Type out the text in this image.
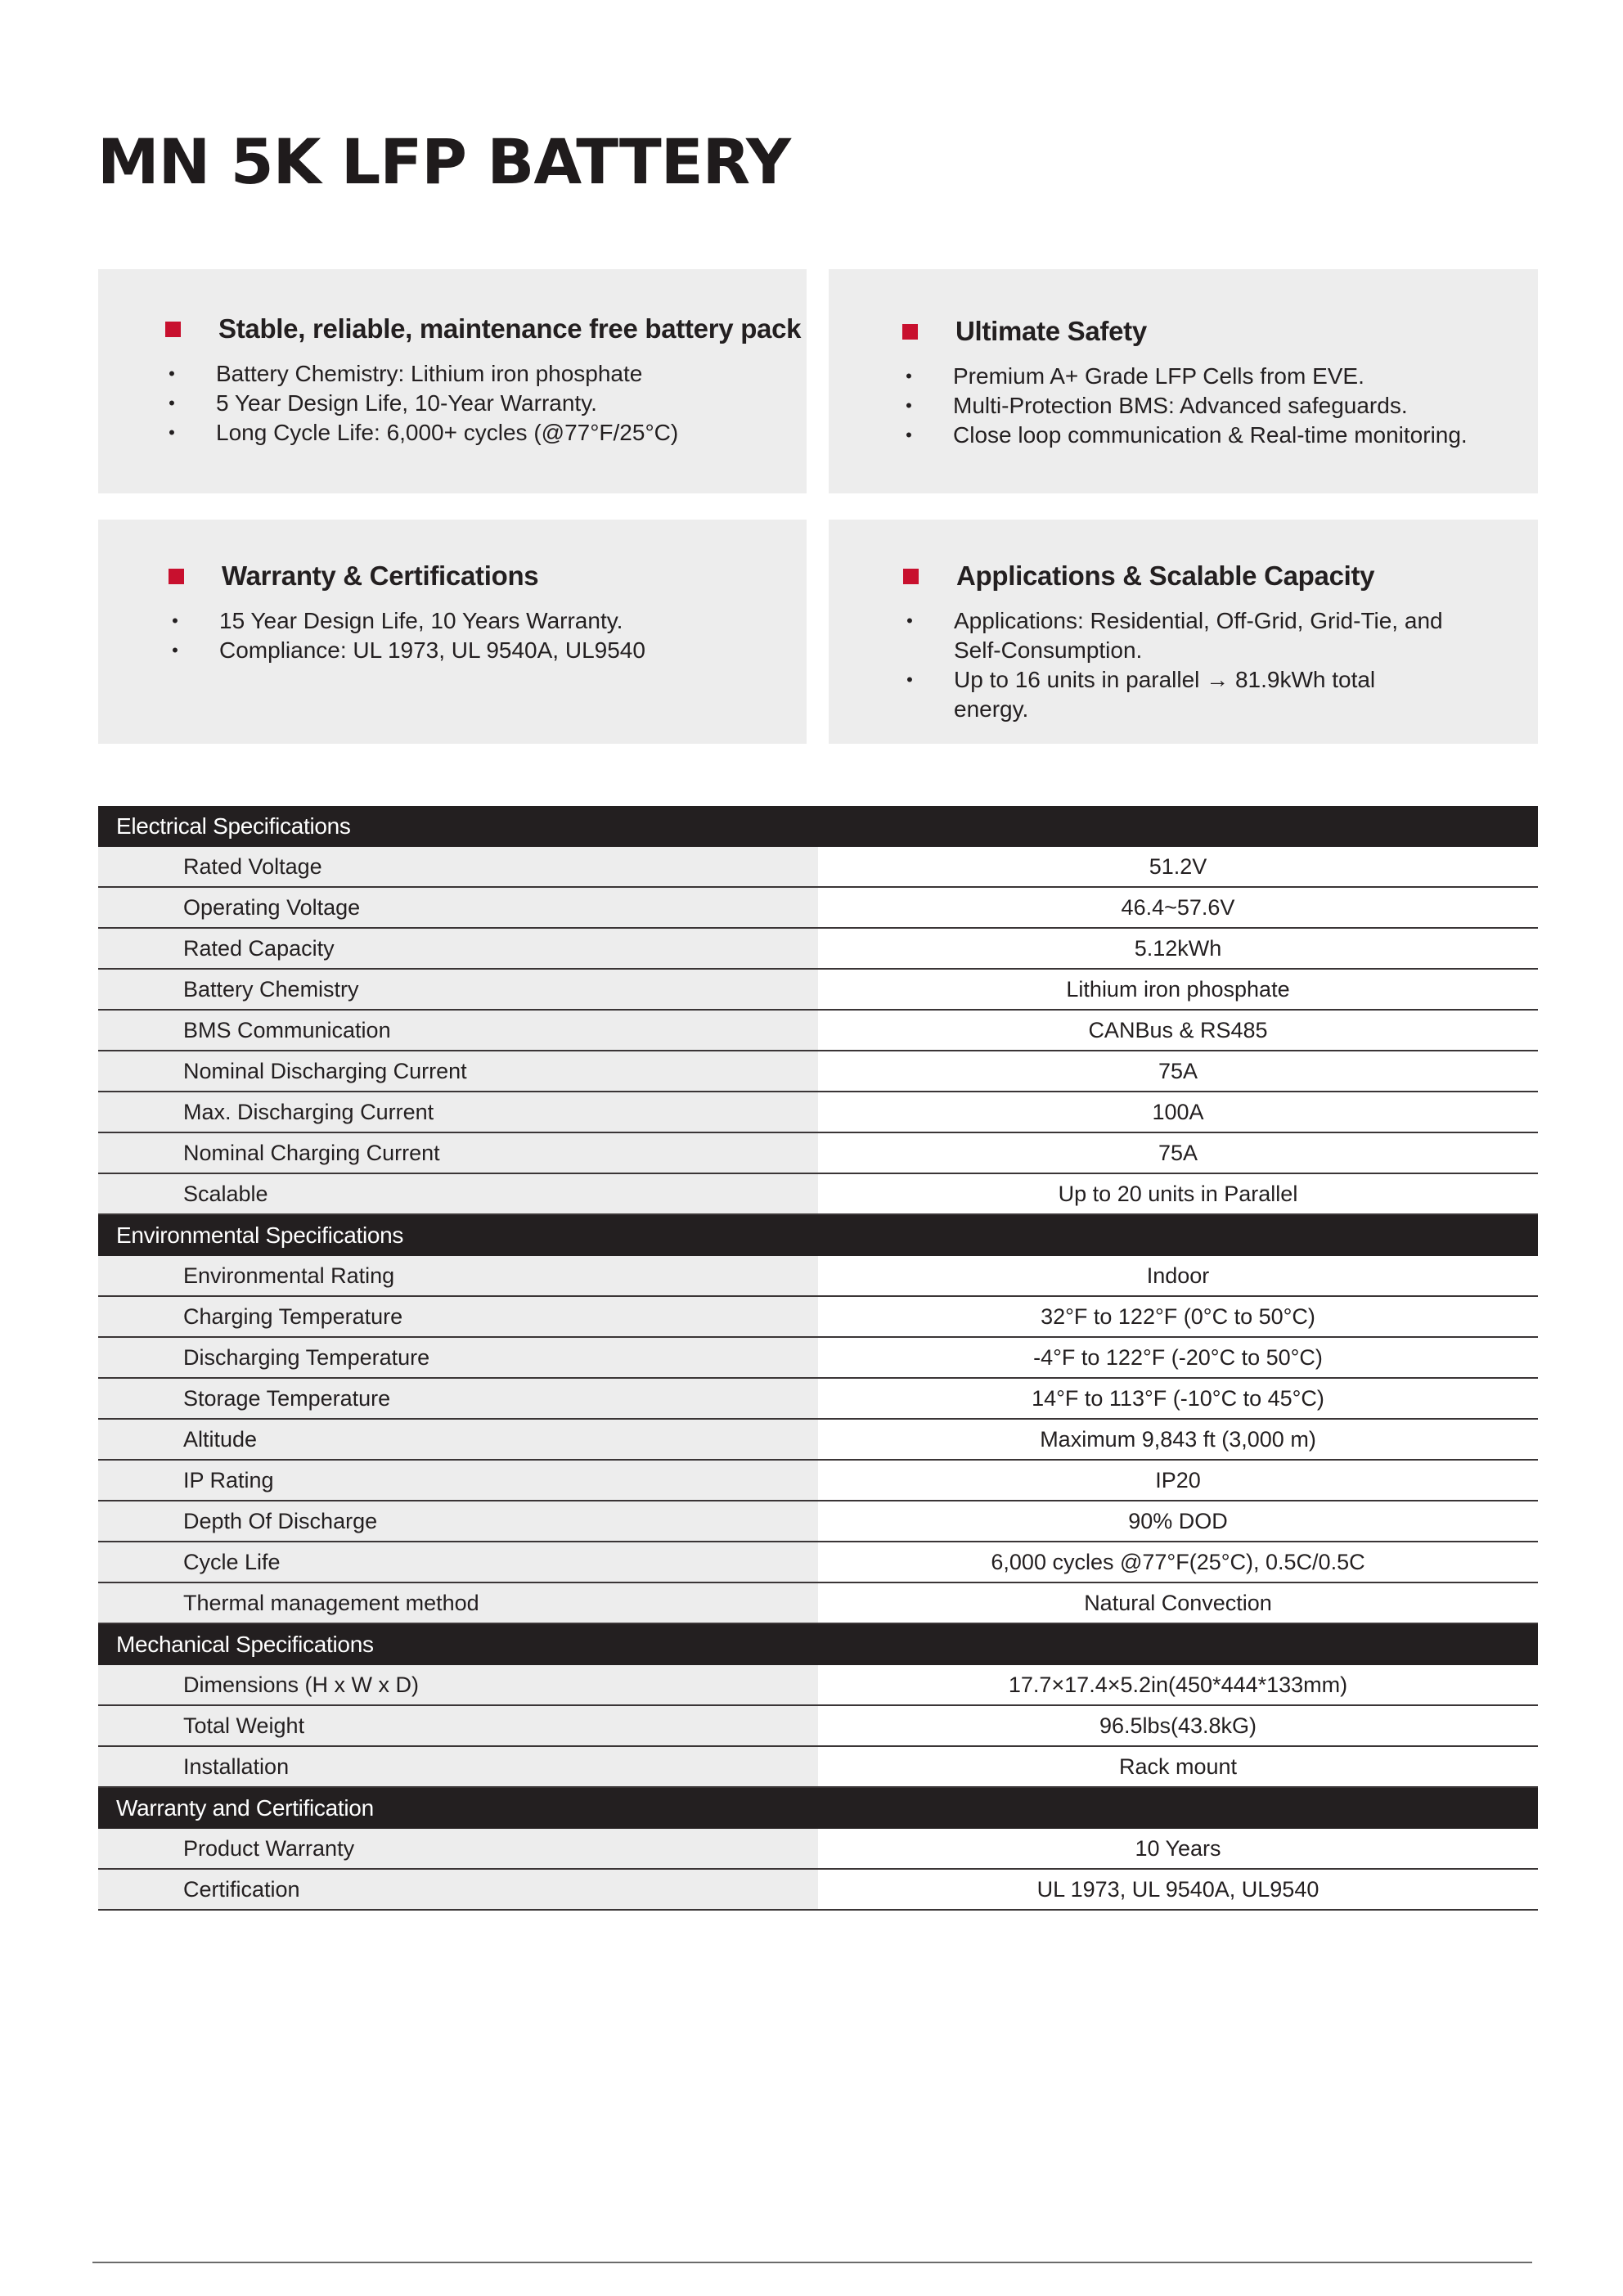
MN 5K LFP BATTERY
Stable, reliable, maintenance free battery pack
• Battery Chemistry: Lithium iron phosphate
• 5 Year Design Life, 10-Year Warranty.
• Long Cycle Life: 6,000+ cycles (@77°F/25°C)
Ultimate Safety
• Premium A+ Grade LFP Cells from EVE.
• Multi-Protection BMS: Advanced safeguards.
• Close loop communication & Real-time monitoring.
Warranty & Certifications
• 15 Year Design Life, 10 Years Warranty.
• Compliance: UL 1973, UL 9540A, UL9540
Applications & Scalable Capacity
• Applications: Residential, Off-Grid, Grid-Tie, and Self-Consumption.
• Up to 16 units in parallel → 81.9kWh total energy.
Electrical Specifications	
Rated Voltage	51.2V
Operating Voltage	46.4~57.6V
Rated Capacity	5.12kWh
Battery Chemistry	Lithium iron phosphate
BMS Communication	CANBus & RS485
Nominal Discharging Current	75A
Max. Discharging Current	100A
Nominal Charging Current	75A
Scalable	Up to 20 units in Parallel
Environmental Specifications	
Environmental Rating	Indoor
Charging Temperature	32°F to 122°F (0°C to 50°C)
Discharging Temperature	-4°F to 122°F (-20°C to 50°C)
Storage Temperature	14°F to 113°F (-10°C to 45°C)
Altitude	Maximum 9,843 ft (3,000 m)
IP Rating	IP20
Depth Of Discharge	90% DOD
Cycle Life	6,000 cycles @77°F(25°C), 0.5C/0.5C
Thermal management method	Natural Convection
Mechanical Specifications	
Dimensions (H x W x D)	17.7×17.4×5.2in(450*444*133mm)
Total Weight	96.5lbs(43.8kG)
Installation	Rack mount
Warranty and Certification	
Product Warranty	10 Years
Certification	UL 1973, UL 9540A, UL9540
